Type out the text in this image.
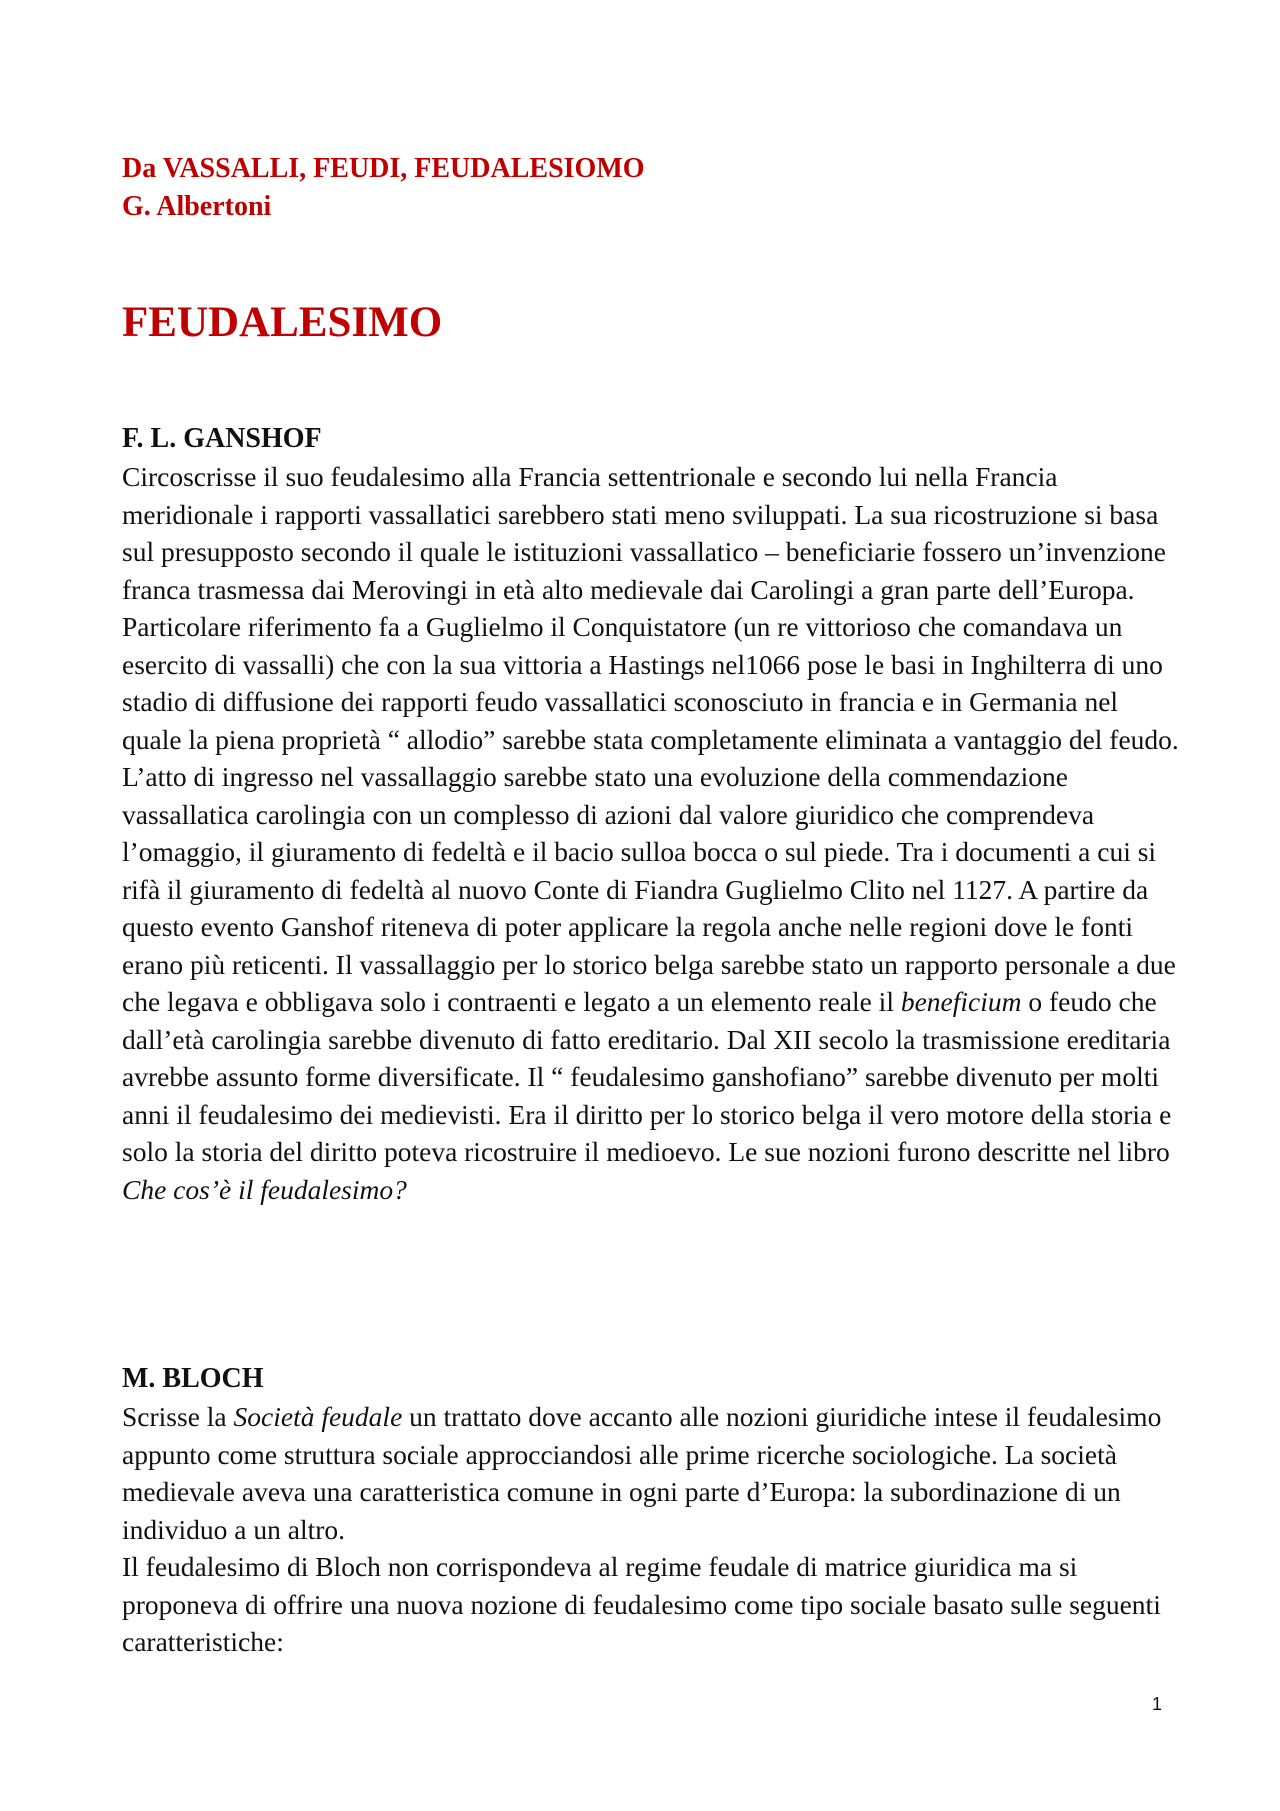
Da VASSALLI, FEUDI, FEUDALESIOMO

G. Albertoni

FEUDALESIMO
F. L. GANSHOF

Circoscrisse il suo feudalesimo alla Francia settentrionale e secondo lui nella Francia meridionale i rapporti vassallatici sarebbero stati meno sviluppati. La sua ricostruzione si basa sul presupposto secondo il quale le istituzioni vassallatico – beneficiarie fossero un’invenzione franca trasmessa dai Merovingi in età alto medievale dai Carolingi a gran parte dell’Europa. Particolare riferimento fa a Guglielmo il Conquistatore (un re vittorioso che comandava un esercito di vassalli) che con la sua vittoria a Hastings nel1066 pose le basi in Inghilterra di uno stadio di diffusione dei rapporti feudo vassallatici sconosciuto in francia e in Germania nel quale la piena proprietà “ allodio” sarebbe stata completamente eliminata a vantaggio del feudo.

L’atto di ingresso nel vassallaggio sarebbe stato una evoluzione della commendazione vassallatica carolingia con un complesso di azioni dal valore giuridico che comprendeva l’omaggio, il giuramento di fedeltà e il bacio sulloa bocca o sul piede. Tra i documenti a cui si rifà il giuramento di fedeltà al nuovo Conte di Fiandra Guglielmo Clito nel 1127. A partire da questo evento Ganshof riteneva di poter applicare la regola anche nelle regioni dove le fonti erano più reticenti. Il vassallaggio per lo storico belga sarebbe stato un rapporto personale a due che legava e obbligava solo i contraenti e legato a un elemento reale il beneficium o feudo che dall’età carolingia sarebbe divenuto di fatto ereditario. Dal XII secolo la trasmissione ereditaria avrebbe assunto forme diversificate. Il “ feudalesimo ganshofiano” sarebbe divenuto per molti anni il feudalesimo dei medievisti. Era il diritto per lo storico belga il vero motore della storia e solo la storia del diritto poteva ricostruire il medioevo. Le sue nozioni furono descritte nel libro Che cos’è il feudalesimo?

M. BLOCH

Scrisse la Società feudale un trattato dove accanto alle nozioni giuridiche intese il feudalesimo appunto come struttura sociale approcciandosi alle prime ricerche sociologiche. La società medievale aveva una caratteristica comune in ogni parte d’Europa: la subordinazione di un individuo a un altro.

Il feudalesimo di Bloch non corrispondeva al regime feudale di matrice giuridica ma si proponeva di offrire una nuova nozione di feudalesimo come tipo sociale basato sulle seguenti caratteristiche:

1
